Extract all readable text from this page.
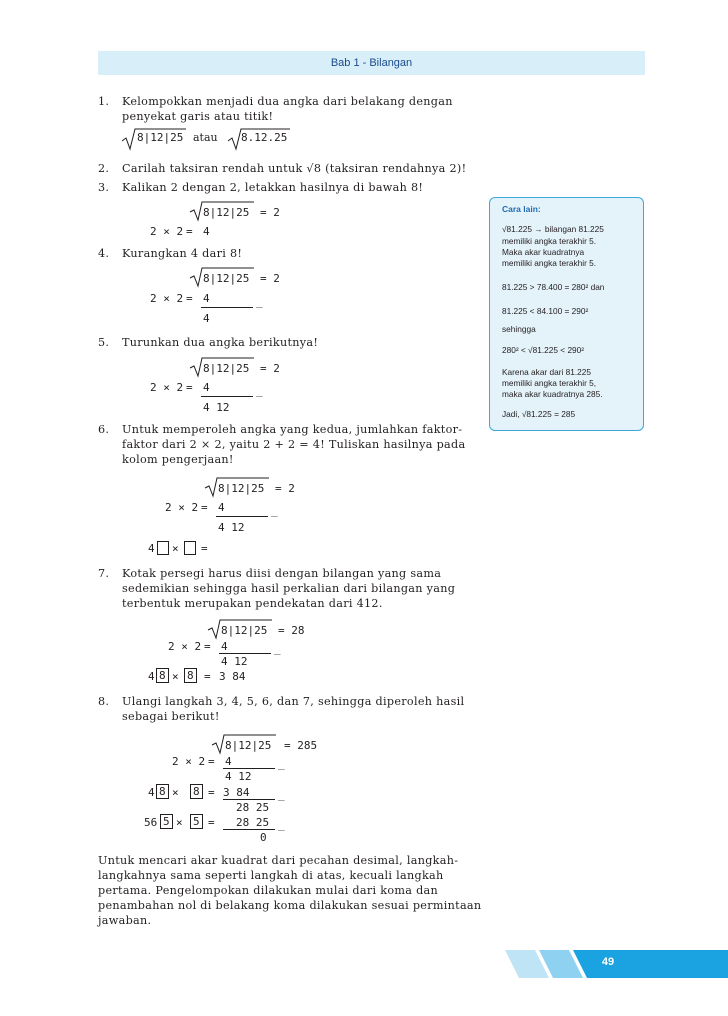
Bab 1 - Bilangan
1. Kelompokkan menjadi dua angka dari belakang dengan
penyekat garis atau titik!
8|12|25 atau 8.12.25
2. Carilah taksiran rendah untuk √8 (taksiran rendahnya 2)!
3. Kalikan 2 dengan 2, letakkan hasilnya di bawah 8!
8|12|25 = 2
2 × 2 = 4
4. Kurangkan 4 dari 8!
8|12|25 = 2
2 × 2 = 4	_
4
5. Turunkan dua angka berikutnya!
8|12|25 = 2
2 × 2 = 4	_
4 12
6. Untuk memperoleh angka yang kedua, jumlahkan faktor-
faktor dari 2 × 2, yaitu 2 + 2 = 4! Tuliskan hasilnya pada
kolom pengerjaan!
8|12|25 = 2
2 × 2 = 4	_
4 12
4 × =
7. Kotak persegi harus diisi dengan bilangan yang sama
sedemikian sehingga hasil perkalian dari bilangan yang
terbentuk merupakan pendekatan dari 412.
8|12|25 = 28
2 × 2 = 4	_
4 12
4 8 × 8 = 3 84
8. Ulangi langkah 3, 4, 5, 6, dan 7, sehingga diperoleh hasil
sebagai berikut!
8|12|25 = 285
2 × 2 = 4	_
4 12
4 8 × 8 = 3 84	_
28 25
56 5 × 5 = 28 25 _
0
Untuk mencari akar kuadrat dari pecahan desimal, langkah-
langkahnya sama seperti langkah di atas, kecuali langkah
pertama. Pengelompokan dilakukan mulai dari koma dan
penambahan nol di belakang koma dilakukan sesuai permintaan
jawaban.
Cara lain:
√81.225 → bilangan 81.225
memiliki angka terakhir 5.
Maka akar kuadratnya
memiliki angka terakhir 5.
81.225 > 78.400 = 280² dan
81.225 < 84.100 = 290²
sehingga
280² < √81.225 < 290²
Karena akar dari 81.225
memiliki angka terakhir 5,
maka akar kuadratnya 285.
Jadi, √81.225 = 285
49
